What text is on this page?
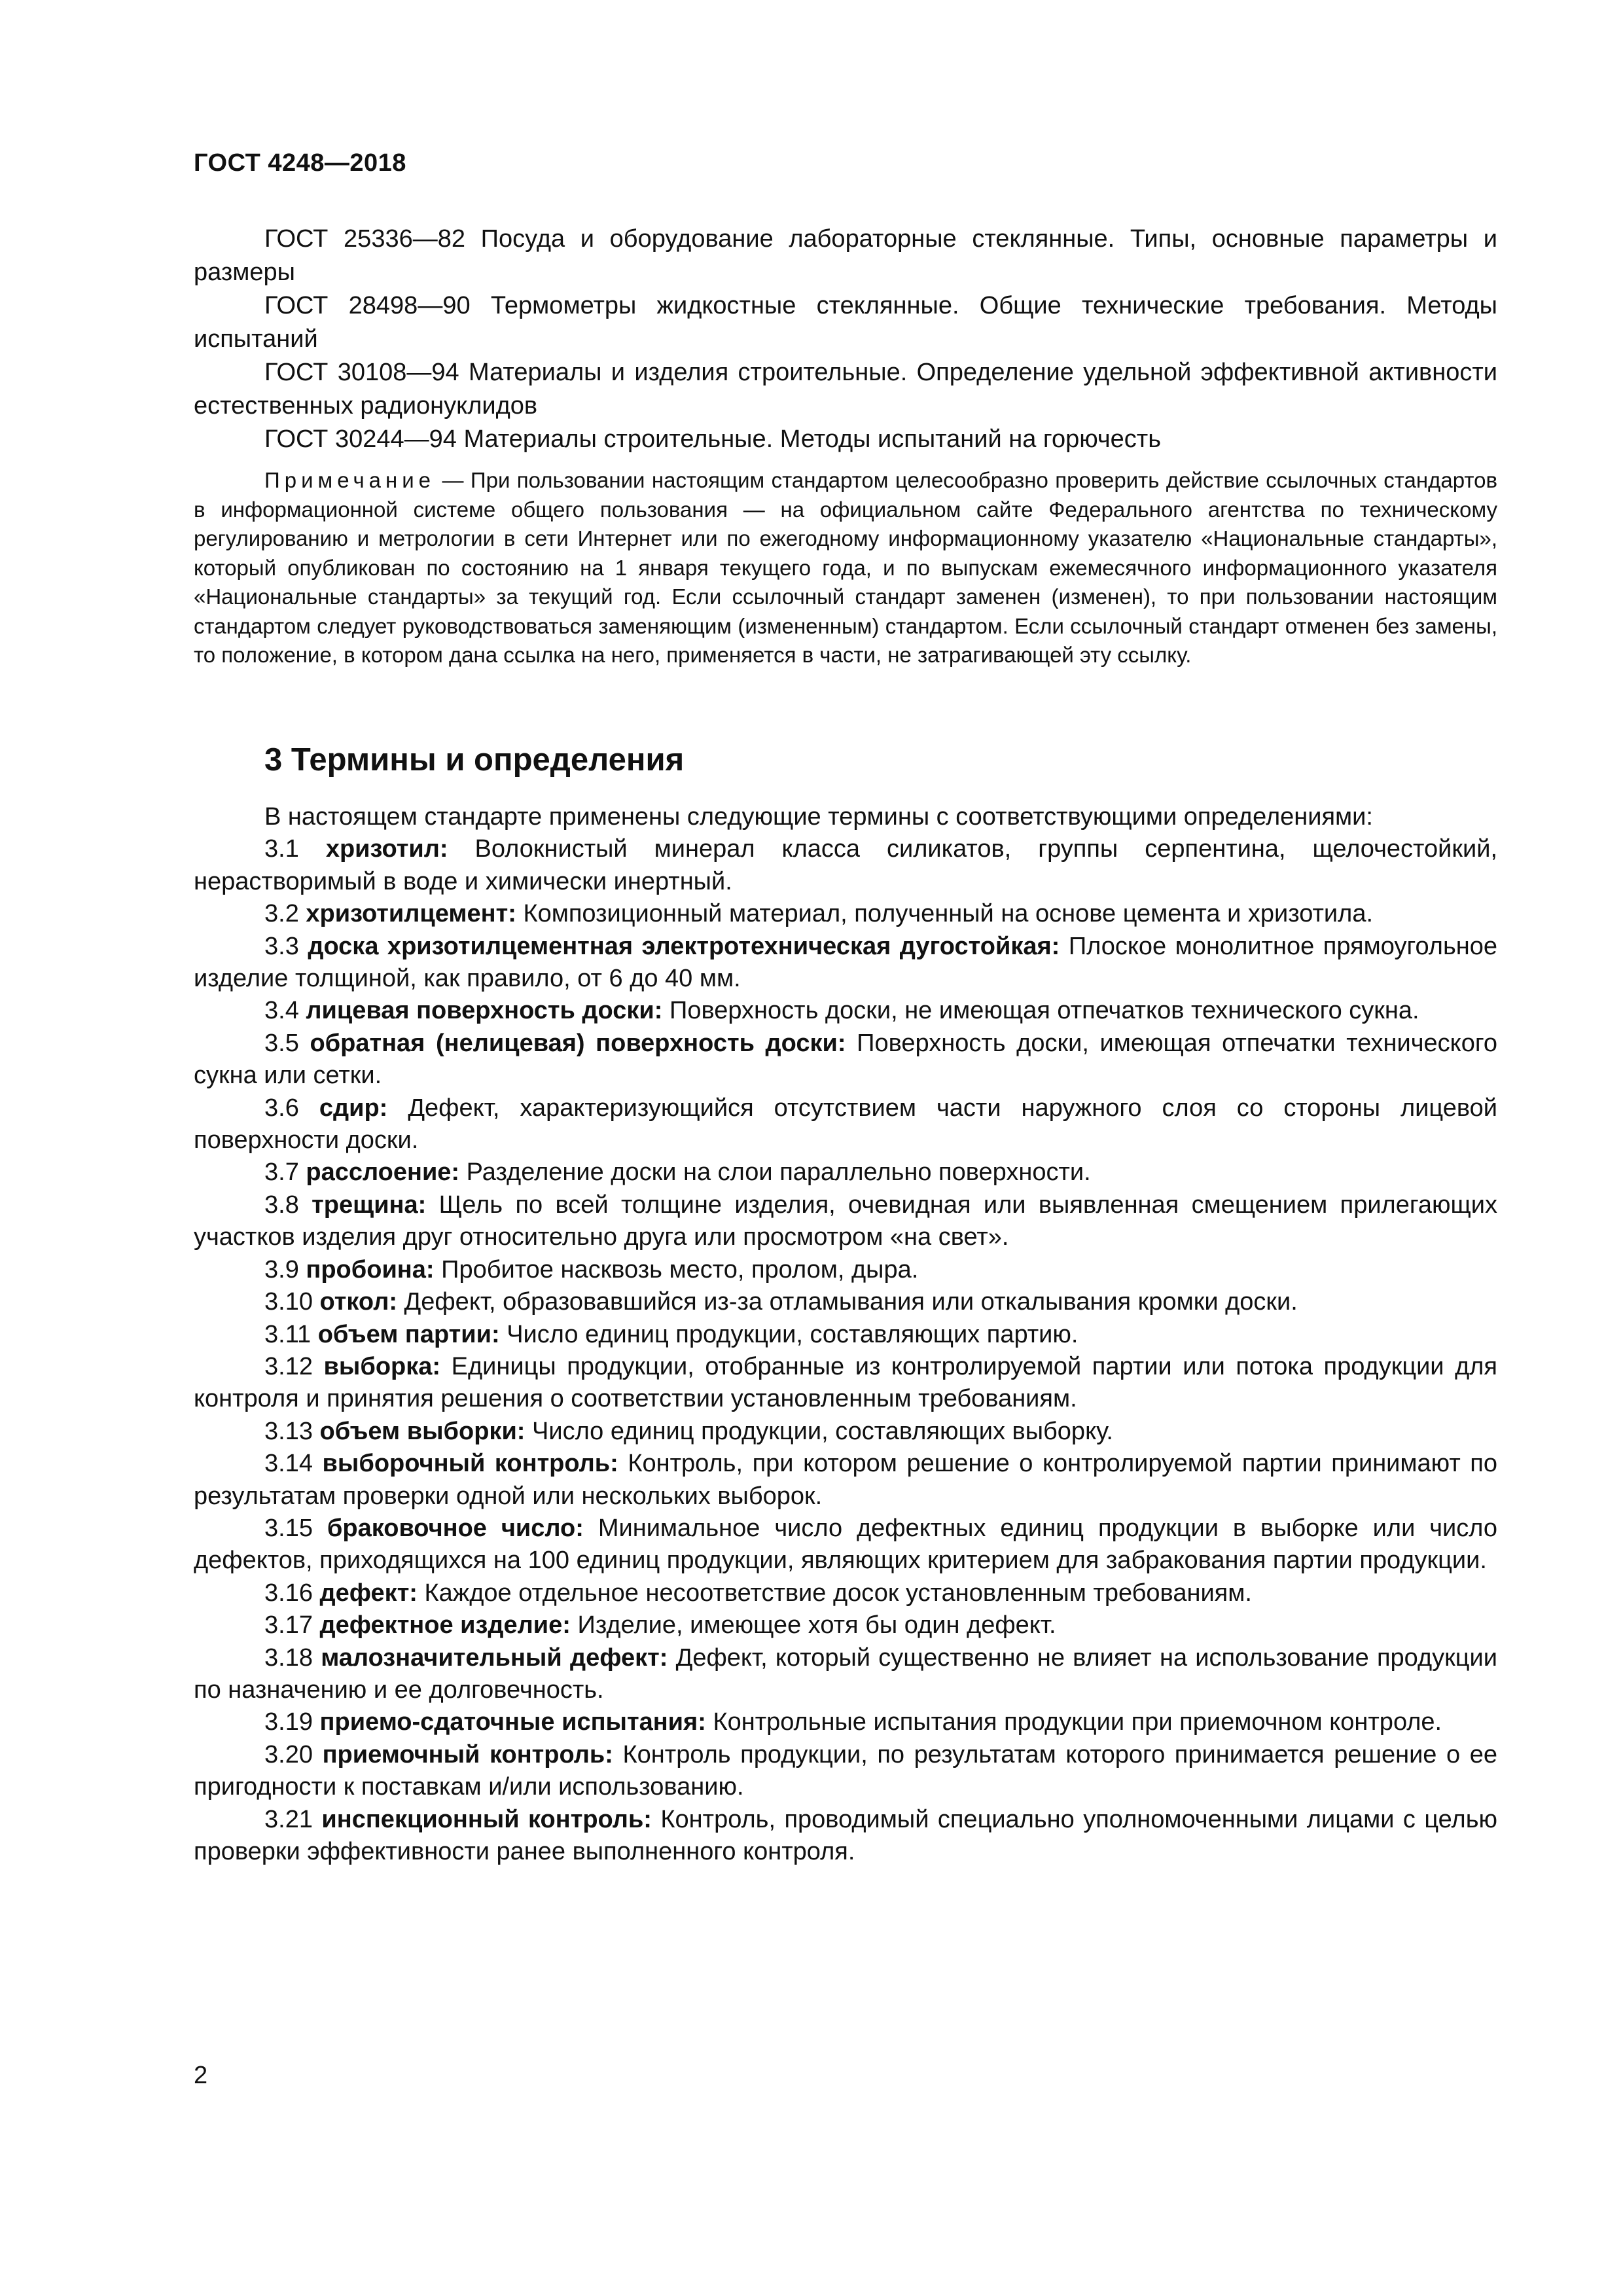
ГОСТ 4248—2018

ГОСТ 25336—82 Посуда и оборудование лабораторные стеклянные. Типы, основные параметры и размеры

ГОСТ 28498—90 Термометры жидкостные стеклянные. Общие технические требования. Методы испытаний

ГОСТ 30108—94 Материалы и изделия строительные. Определение удельной эффективной активности естественных радионуклидов

ГОСТ 30244—94 Материалы строительные. Методы испытаний на горючесть

Примечание — При пользовании настоящим стандартом целесообразно проверить действие ссылочных стандартов в информационной системе общего пользования — на официальном сайте Федерального агентства по техническому регулированию и метрологии в сети Интернет или по ежегодному информационному указателю «Национальные стандарты», который опубликован по состоянию на 1 января текущего года, и по выпускам ежемесячного информационного указателя «Национальные стандарты» за текущий год. Если ссылочный стандарт заменен (изменен), то при пользовании настоящим стандартом следует руководствоваться заменяющим (измененным) стандартом. Если ссылочный стандарт отменен без замены, то положение, в котором дана ссылка на него, применяется в части, не затрагивающей эту ссылку.

3 Термины и определения

В настоящем стандарте применены следующие термины с соответствующими определениями:

3.1 хризотил: Волокнистый минерал класса силикатов, группы серпентина, щелочестойкий, нерастворимый в воде и химически инертный.

3.2 хризотилцемент: Композиционный материал, полученный на основе цемента и хризотила.

3.3 доска хризотилцементная электротехническая дугостойкая: Плоское монолитное прямоугольное изделие толщиной, как правило, от 6 до 40 мм.

3.4 лицевая поверхность доски: Поверхность доски, не имеющая отпечатков технического сукна.

3.5 обратная (нелицевая) поверхность доски: Поверхность доски, имеющая отпечатки технического сукна или сетки.

3.6 сдир: Дефект, характеризующийся отсутствием части наружного слоя со стороны лицевой поверхности доски.

3.7 расслоение: Разделение доски на слои параллельно поверхности.

3.8 трещина: Щель по всей толщине изделия, очевидная или выявленная смещением прилегающих участков изделия друг относительно друга или просмотром «на свет».

3.9 пробоина: Пробитое насквозь место, пролом, дыра.

3.10 откол: Дефект, образовавшийся из-за отламывания или откалывания кромки доски.

3.11 объем партии: Число единиц продукции, составляющих партию.

3.12 выборка: Единицы продукции, отобранные из контролируемой партии или потока продукции для контроля и принятия решения о соответствии установленным требованиям.

3.13 объем выборки: Число единиц продукции, составляющих выборку.

3.14 выборочный контроль: Контроль, при котором решение о контролируемой партии принимают по результатам проверки одной или нескольких выборок.

3.15 браковочное число: Минимальное число дефектных единиц продукции в выборке или число дефектов, приходящихся на 100 единиц продукции, являющих критерием для забракования партии продукции.

3.16 дефект: Каждое отдельное несоответствие досок установленным требованиям.

3.17 дефектное изделие: Изделие, имеющее хотя бы один дефект.

3.18 малозначительный дефект: Дефект, который существенно не влияет на использование продукции по назначению и ее долговечность.

3.19 приемо-сдаточные испытания: Контрольные испытания продукции при приемочном контроле.

3.20 приемочный контроль: Контроль продукции, по результатам которого принимается решение о ее пригодности к поставкам и/или использованию.

3.21 инспекционный контроль: Контроль, проводимый специально уполномоченными лицами с целью проверки эффективности ранее выполненного контроля.

2
